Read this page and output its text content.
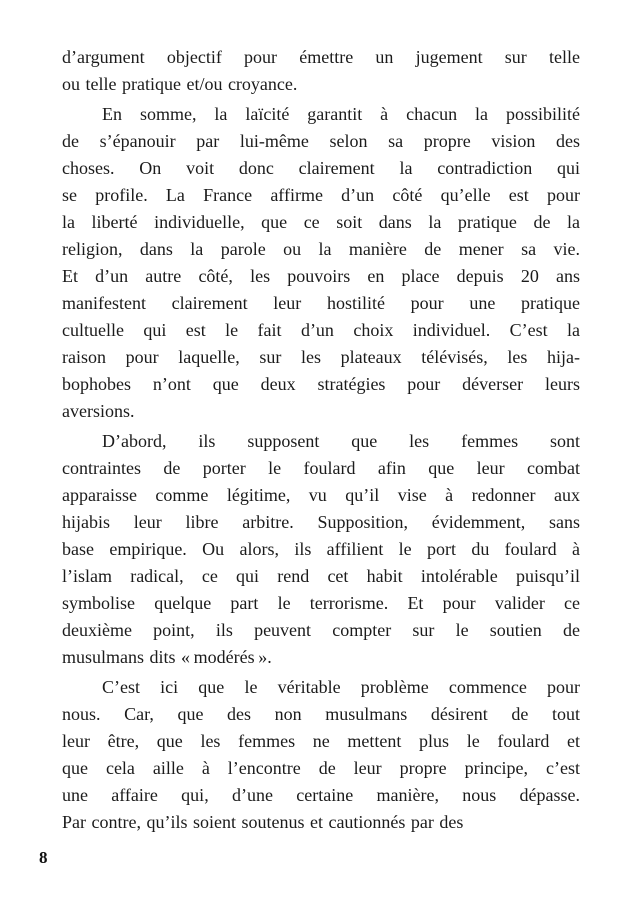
d’argument objectif pour émettre un jugement sur telle
ou telle pratique et/ou croyance.
En somme, la laïcité garantit à chacun la possibilité
de s’épanouir par lui-même selon sa propre vision des
choses. On voit donc clairement la contradiction qui
se profile. La France affirme d’un côté qu’elle est pour
la liberté individuelle, que ce soit dans la pratique de la
religion, dans la parole ou la manière de mener sa vie.
Et d’un autre côté, les pouvoirs en place depuis 20 ans
manifestent clairement leur hostilité pour une pratique
cultuelle qui est le fait d’un choix individuel. C’est la
raison pour laquelle, sur les plateaux télévisés, les hija-
bophobes n’ont que deux stratégies pour déverser leurs
aversions.
D’abord, ils supposent que les femmes sont
contraintes de porter le foulard afin que leur combat
apparaisse comme légitime, vu qu’il vise à redonner aux
hijabis leur libre arbitre. Supposition, évidemment, sans
base empirique. Ou alors, ils affilient le port du foulard à
l’islam radical, ce qui rend cet habit intolérable puisqu’il
symbolise quelque part le terrorisme. Et pour valider ce
deuxième point, ils peuvent compter sur le soutien de
musulmans dits « modérés ».
C’est ici que le véritable problème commence pour
nous. Car, que des non musulmans désirent de tout
leur être, que les femmes ne mettent plus le foulard et
que cela aille à l’encontre de leur propre principe, c’est
une affaire qui, d’une certaine manière, nous dépasse.
Par contre, qu’ils soient soutenus et cautionnés par des
8
